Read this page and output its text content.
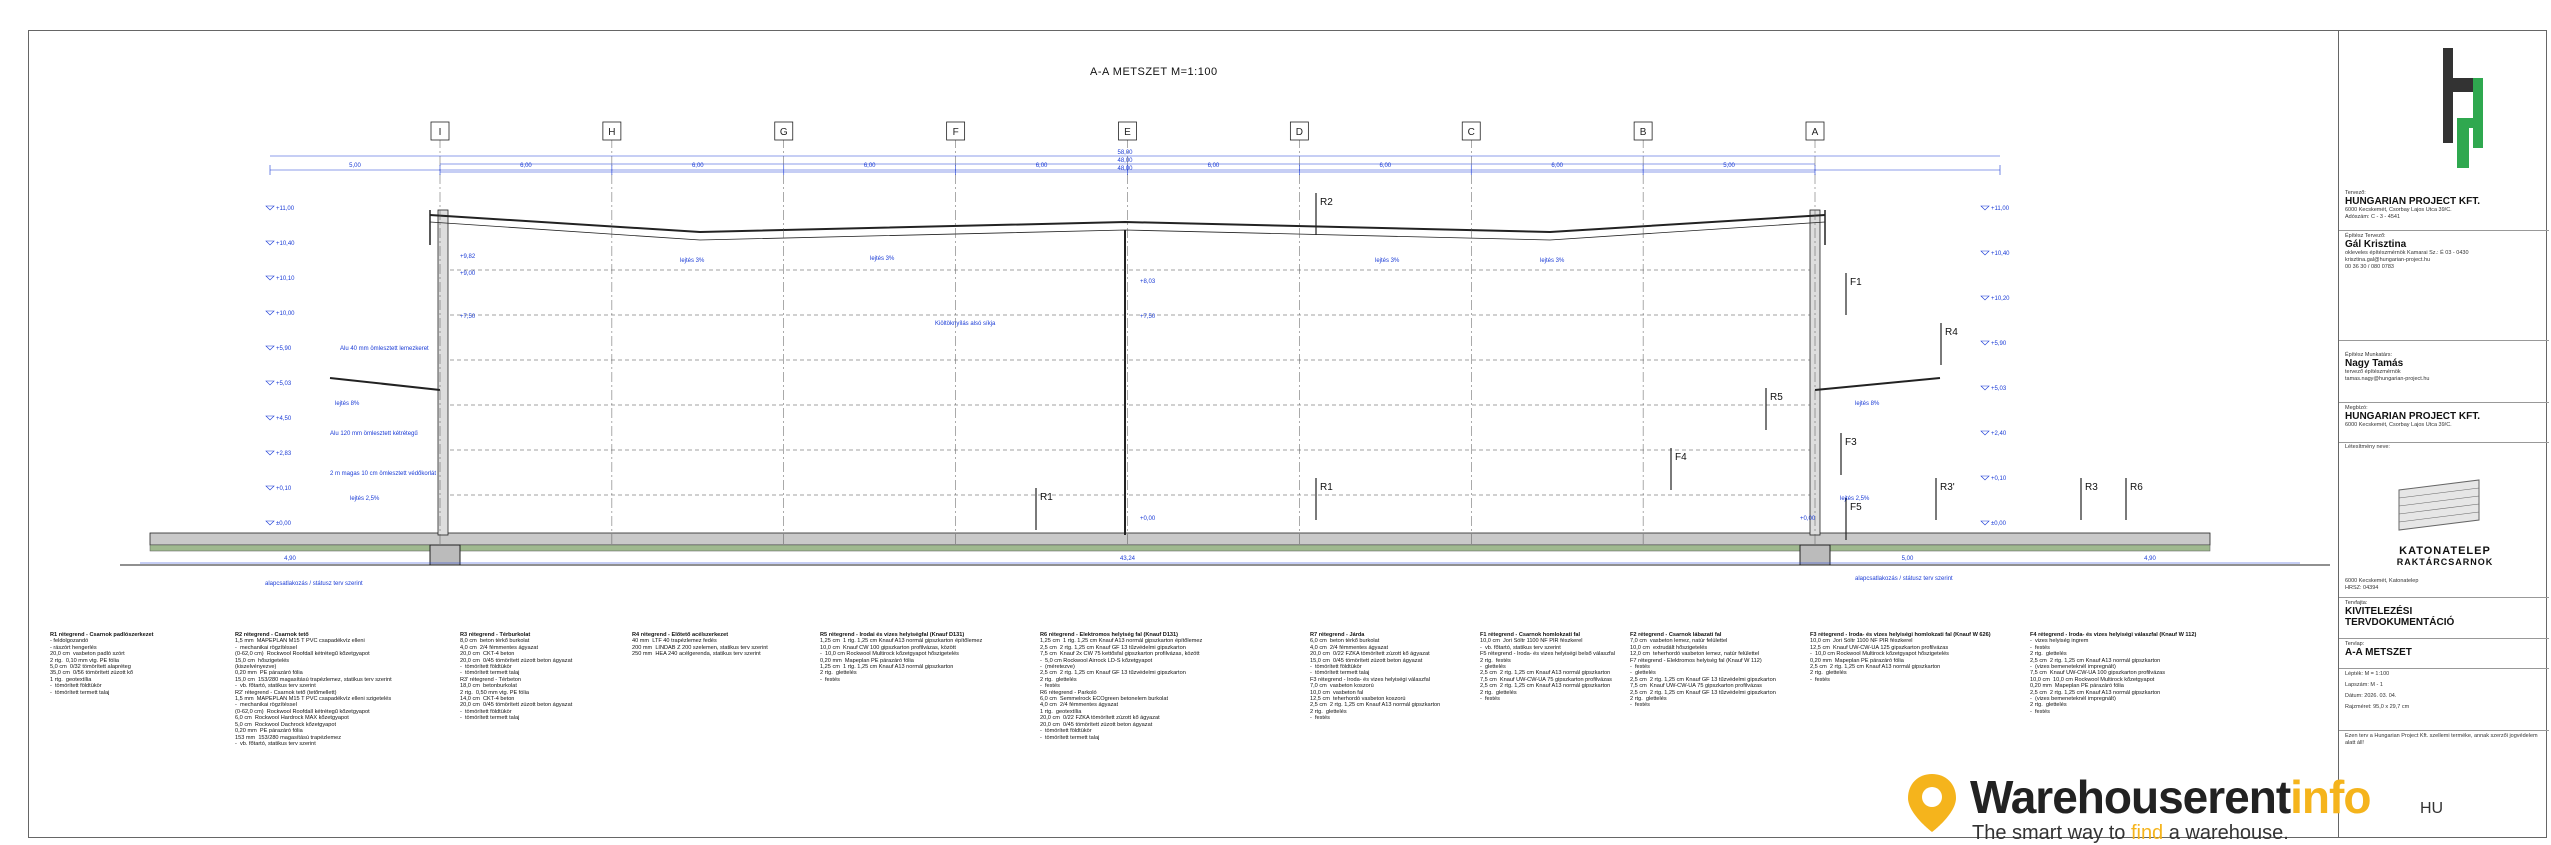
A-A METSZET M=1:100
I	H	G	F	E	D	C	B	A
5,00	6,00	6,00	6,00	6,00	6,00	6,00	6,00	5,00
58,00
48,00
48,00
4,90	43,24	5,00	4,90
+11,00
+10,40
+10,10
+10,00
+5,90
+5,03
+4,50
+2,83
+0,10
±0,00
+11,00
+10,40
+10,20
+5,90
+5,03
+2,40
+0,10
±0,00
+9,82
+9,00
+7,50
+8,03
+7,50
+0,00	+0,00
R2
R1
R1
F1
R4
R5
F4
F3
R3'	R3	R6
F5
lejtés 3%	lejtés 3%	lejtés 3%	lejtés 3%
lejtés 8%	lejtés 8%
lejtés 2,5%	lejtés 2,5%
Kiöltöknyílás alsó síkja
Alu 40 mm ömlesztett lemezkeret
Alu 120 mm ömlesztett kétrétegű
2 m magas 10 cm ömlesztett védőkorlát
alapcsatlakozás / státusz terv szerint
alapcsatlakozás / státusz terv szerint
R1 rétegrend - Csarnok padlószerkezet
- feldolgozandó
- rászórt hengerlés
20,0 cm  vasbeton padló szórt
2 rtg.  0,10 mm vtg. PE fólia
5,0 cm  0/32 tömörített alapréteg
35,0 cm  0/56 tömörített zúzott kő
1 rtg.  geotextília
-  tömörített földtükör
-  tömörített termett talaj
R2 rétegrend - Csarnok tető
1,5 mm  MAPEPLAN M15 T PVC csapadékvíz elleni
-  mechanikai rögzítéssel
(0-62,0 cm)  Rockwool Roofdall kétrétegű kőzetgyapot
15,0 cm  hőszigetelés
(kiszelvényezve)
0,20 mm  PE párazáró fólia
15,0 cm  153/280 magasítású trapézlemez, statikus terv szerint
-  vb. főtartó, statikus terv szerint
R2' rétegrend - Csarnok tető (tetőmellett)
1,5 mm  MAPEPLAN M15 T PVC csapadékvíz elleni szigetelés
-  mechanikai rögzítéssel
(0-62,0 cm)  Rockwool Roofdall kétrétegű kőzetgyapot
6,0 cm  Rockwool Hardrock MAX kőzetgyapot
5,0 cm  Rockwool Dachrock kőzetgyapot
0,20 mm  PE párazáró fólia
153 mm  153/280 magasítású trapézlemez
-  vb. főtartó, statikus terv szerint
R3 rétegrend - Térburkolat
8,0 cm  beton térkő burkolat
4,0 cm  2/4 fémmentes ágyazat
20,0 cm  CKT-4 beton
20,0 cm  0/45 tömörített zúzott beton ágyazat
-  tömörített földtükör
-  tömörített termett talaj
R3' rétegrend - Térbeton
18,0 cm  betonburkolat
2 rtg.  0,50 mm vtg. PE fólia
14,0 cm  CKT-4 beton
20,0 cm  0/45 tömörített zúzott beton ágyazat
-  tömörített földtükör
-  tömörített termett talaj
R4 rétegrend - Előtető acélszerkezet
40 mm  LTF 40 trapézlemez fedés
200 mm  LINDAB Z 200 szelemen, statikus terv szerint
250 mm  HEA 240 acélgerenda, statikus terv szerint
R5 rétegrend - Irodai és vizes helyiségfal (Knauf D131)
1,25 cm  1 rtg. 1,25 cm Knauf A13 normál gipszkarton építőlemez
10,0 cm  Knauf CW 100 gipszkarton profilvázas, között
-  10,0 cm Rockwool Multirock kőzetgyapot hőszigetelés
0,20 mm  Mapeplan PE párazáró fólia
1,25 cm  1 rtg. 1,25 cm Knauf A13 normál gipszkarton
2 rtg.  glettelés
-  festés
R6 rétegrend - Elektromos helyiség fal (Knauf D131)
1,25 cm  1 rtg. 1,25 cm Knauf A13 normál gipszkarton építőlemez
2,5 cm  2 rtg. 1,25 cm Knauf GF 13 tűzvédelmi gipszkarton
7,5 cm  Knauf 2x CW 75 kettősfal gipszkarton profilvázas, között
-  5,0 cm Rockwool Airrock LD-S kőzetgyapot
-  (méretezve)
2,5 cm  2 rtg. 1,25 cm Knauf GF 13 tűzvédelmi gipszkarton
2 rtg.  glettelés
-  festés
R6 rétegrend - Parkoló
6,0 cm  Semmelrock ECOgreen betonelem burkolat
4,0 cm  2/4 fémmentes ágyazat
1 rtg.  geotextília
20,0 cm  0/22 FZKA tömörített zúzott kő ágyazat
20,0 cm  0/45 tömörített zúzott beton ágyazat
-  tömörített földtükör
-  tömörített termett talaj
R7 rétegrend - Járda
6,0 cm  beton térkő burkolat
4,0 cm  2/4 fémmentes ágyazat
20,0 cm  0/22 FZKA tömörített zúzott kő ágyazat
15,0 cm  0/45 tömörített zúzott beton ágyazat
-  tömörített földtükör
-  tömörített termett talaj
F3 rétegrend - Iroda- és vizes helyiségi válaszfal
7,0 cm  vasbeton koszorú
10,0 cm  vasbeton fal
12,5 cm  teherhordó vasbeton koszorú
2,5 cm  2 rtg. 1,25 cm Knauf A13 normál gipszkarton
2 rtg.  glettelés
-  festés
F1 rétegrend - Csarnok homlokzati fal
10,0 cm  Jori Sóltr 1100 NF PIR fészkerel
-  vb. főtartó, statikus terv szerint
F5 rétegrend - Iroda- és vizes helyiségi belső válaszfal
2 rtg.  festés
-  glettelés
2,5 cm  2 rtg. 1,25 cm Knauf A13 normál gipszkarton
7,5 cm  Knauf UW-CW-UA 75 gipszkarton profilvázas
2,5 cm  2 rtg. 1,25 cm Knauf A13 normál gipszkarton
2 rtg.  glettelés
-  festés
F2 rétegrend - Csarnok lábazati fal
7,0 cm  vasbeton lemez, natúr felülettel
10,0 cm  extrudált hőszigetelés
12,0 cm  teherhordó vasbeton lemez, natúr felülettel
F7 rétegrend - Elektromos helyiség fal (Knauf W 112)
-  festés
-  glettelés
2,5 cm  2 rtg. 1,25 cm Knauf GF 13 tűzvédelmi gipszkarton
7,5 cm  Knauf UW-CW-UA 75 gipszkarton profilvázas
2,5 cm  2 rtg. 1,25 cm Knauf GF 13 tűzvédelmi gipszkarton
2 rtg.  glettelés
-  festés
F3 rétegrend - Iroda- és vizes helyiségi homlokzati fal (Knauf W 626)
10,0 cm  Jori Sóltr 1100 NF PIR fészkerel
12,5 cm  Knauf UW-CW-UA 125 gipszkarton profilvázas
-  10,0 cm Rockwool Multirock kőzetgyapot hőszigetelés
0,20 mm  Mapeplan PE párazáró fólia
2,5 cm  2 rtg. 1,25 cm Knauf A13 normál gipszkarton
2 rtg.  glettelés
-  festés
F4 rétegrend - Iroda- és vizes helyiségi válaszfal (Knauf W 112)
-  vizes helyiség ingrem
-  festés
2 rtg.  glettelés
2,5 cm  2 rtg. 1,25 cm Knauf A13 normál gipszkarton
-  (vizes bemeneteknél impregnált)
7,5 cm  Knauf UW-CW-UA 100 gipszkarton profilvázas
10,0 cm  10,0 cm Rockwool Multirock kőzetgyapot
0,20 mm  Mapeplan PE párazáró fólia
2,5 cm  2 rtg. 1,25 cm Knauf A13 normál gipszkarton
-  (vizes bemeneteknél impregnált)
2 rtg.  glettelés
-  festés
Tervező:
HUNGARIAN PROJECT KFT.
6000 Kecskemét, Csorbay Lajos Utca 39/C.
Adószám: C - 3 - 4541
Építész Tervező:
Gál Krisztina
okleveles építészmérnök Kamarai Sz.: É 03 - 0430
krisztina.gal@hungarian-project.hu
00 36 30 / 080 0783
Építész Munkatárs:
Nagy Tamás
tervező építészmérnök
tamas.nagy@hungarian-project.hu
Megbízó:
HUNGARIAN PROJECT KFT.
6000 Kecskemét, Csorbay Lajos Utca 39/C.
Létesítmény neve:
KATONATELEP
RAKTÁRCSARNOK
6000 Kecskemét, Katonatelep
HRSZ: 04394
Tervfajta:
KIVITELEZÉSI
TERVDOKUMENTÁCIÓ
Tervlap:
A-A METSZET
Lépték: M = 1:100
Lapszám: M - 1
Dátum: 2026. 03. 04.
Rajzméret: 95,0 x 29,7 cm
Ezen terv a Hungarian Project Kft. szellemi terméke, annak szerzői jogvédelem alatt áll!
Warehouserentinfo
The smart way to find a warehouse.
HU
